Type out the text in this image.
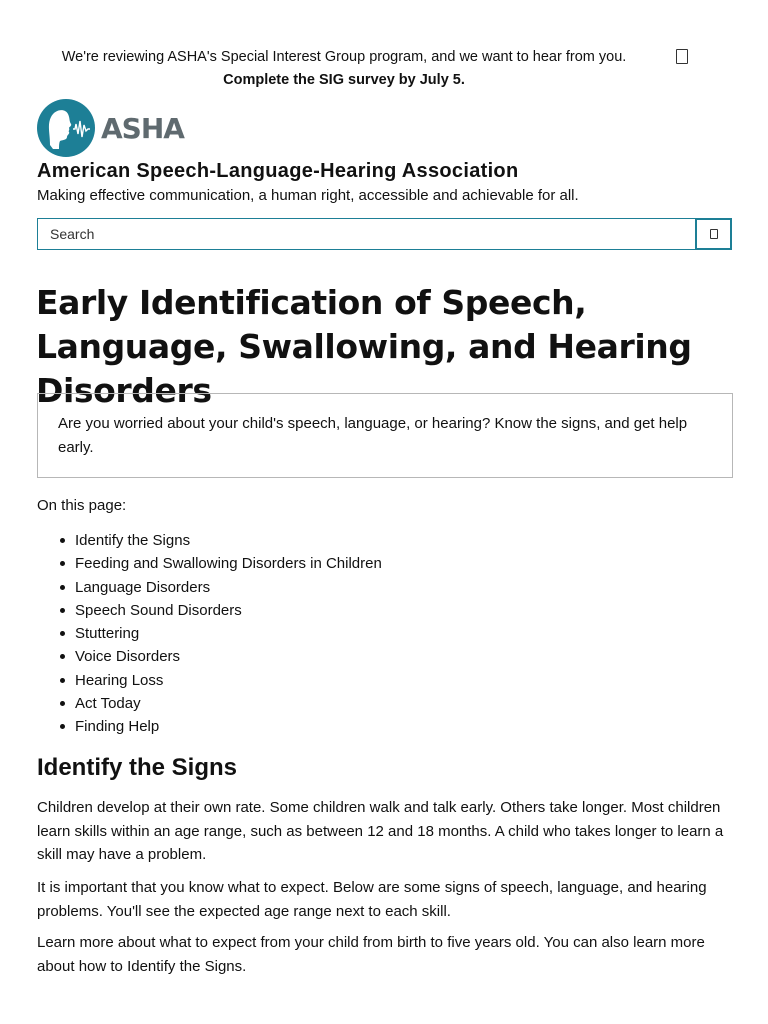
We're reviewing ASHA's Special Interest Group program, and we want to hear from you. Complete the SIG survey by July 5.
ASHA
American Speech-Language-Hearing Association
Making effective communication, a human right, accessible and achievable for all.
Search
Early Identification of Speech, Language, Swallowing, and Hearing Disorders
Are you worried about your child's speech, language, or hearing? Know the signs, and get help early.
On this page:
Identify the Signs
Feeding and Swallowing Disorders in Children
Language Disorders
Speech Sound Disorders
Stuttering
Voice Disorders
Hearing Loss
Act Today
Finding Help
Identify the Signs

Children develop at their own rate. Some children walk and talk early. Others take longer. Most children learn skills within an age range, such as between 12 and 18 months. A child who takes longer to learn a skill may have a problem.

It is important that you know what to expect. Below are some signs of speech, language, and hearing problems. You'll see the expected age range next to each skill.

Learn more about what to expect from your child from birth to five years old. You can also learn more about how to Identify the Signs.
